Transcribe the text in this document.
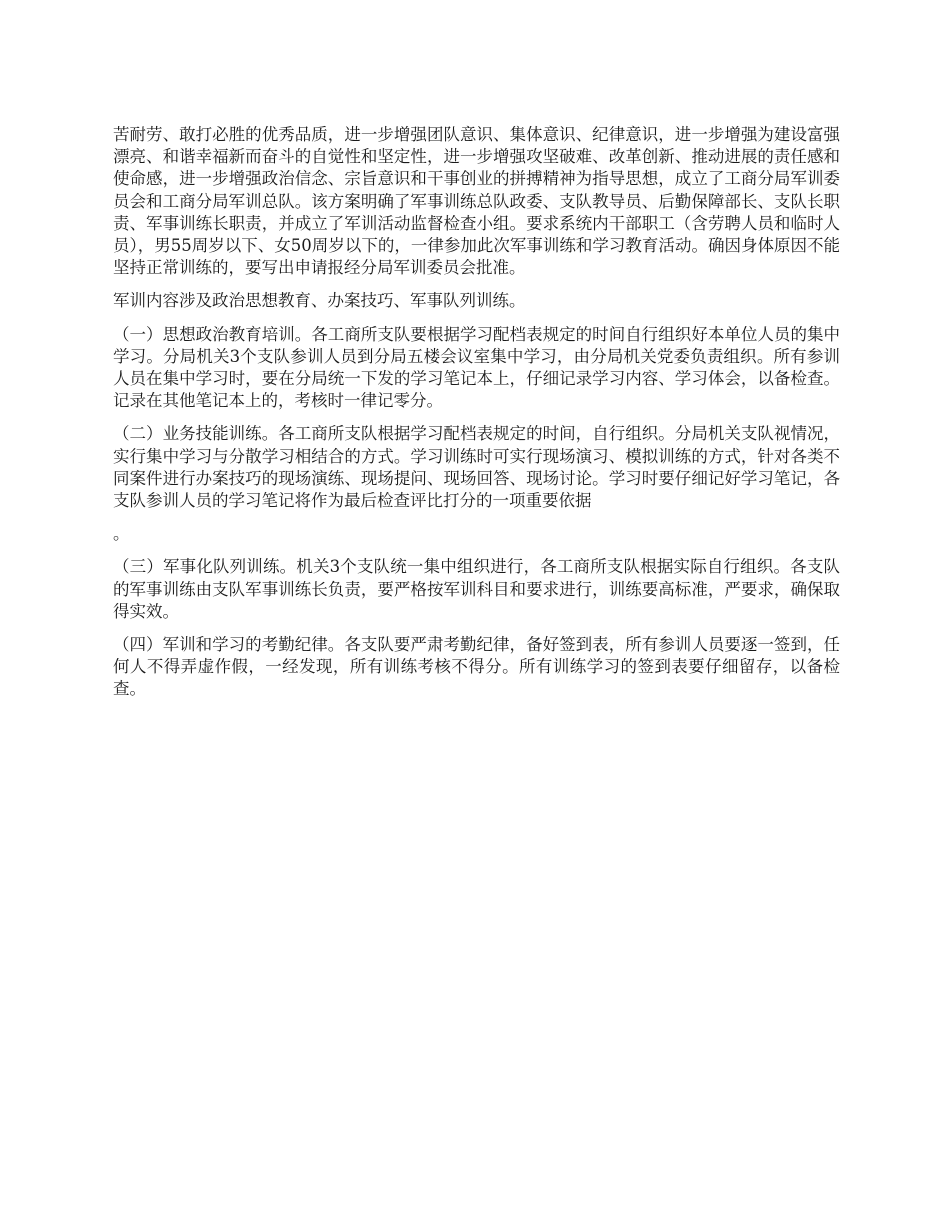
苦耐劳、敢打必胜的优秀品质，进一步增强团队意识、集体意识、纪律意识，进一步增强为建设富强漂亮、和谐幸福新而奋斗的自觉性和坚定性，进一步增强攻坚破难、改革创新、推动进展的责任感和使命感，进一步增强政治信念、宗旨意识和干事创业的拼搏精神为指导思想，成立了工商分局军训委员会和工商分局军训总队。该方案明确了军事训练总队政委、支队教导员、后勤保障部长、支队长职责、军事训练长职责，并成立了军训活动监督检查小组。要求系统内干部职工（含劳聘人员和临时人员），男55周岁以下、女50周岁以下的，一律参加此次军事训练和学习教育活动。确因身体原因不能坚持正常训练的，要写出申请报经分局军训委员会批准。

军训内容涉及政治思想教育、办案技巧、军事队列训练。

（一）思想政治教育培训。各工商所支队要根据学习配档表规定的时间自行组织好本单位人员的集中学习。分局机关3个支队参训人员到分局五楼会议室集中学习，由分局机关党委负责组织。所有参训人员在集中学习时，要在分局统一下发的学习笔记本上，仔细记录学习内容、学习体会，以备检查。记录在其他笔记本上的，考核时一律记零分。

（二）业务技能训练。各工商所支队根据学习配档表规定的时间，自行组织。分局机关支队视情况，实行集中学习与分散学习相结合的方式。学习训练时可实行现场演习、模拟训练的方式，针对各类不同案件进行办案技巧的现场演练、现场提问、现场回答、现场讨论。学习时要仔细记好学习笔记，各支队参训人员的学习笔记将作为最后检查评比打分的一项重要依据

。

（三）军事化队列训练。机关3个支队统一集中组织进行，各工商所支队根据实际自行组织。各支队的军事训练由支队军事训练长负责，要严格按军训科目和要求进行，训练要高标准，严要求，确保取得实效。

（四）军训和学习的考勤纪律。各支队要严肃考勤纪律，备好签到表，所有参训人员要逐一签到，任何人不得弄虚作假，一经发现，所有训练考核不得分。所有训练学习的签到表要仔细留存，以备检查。
